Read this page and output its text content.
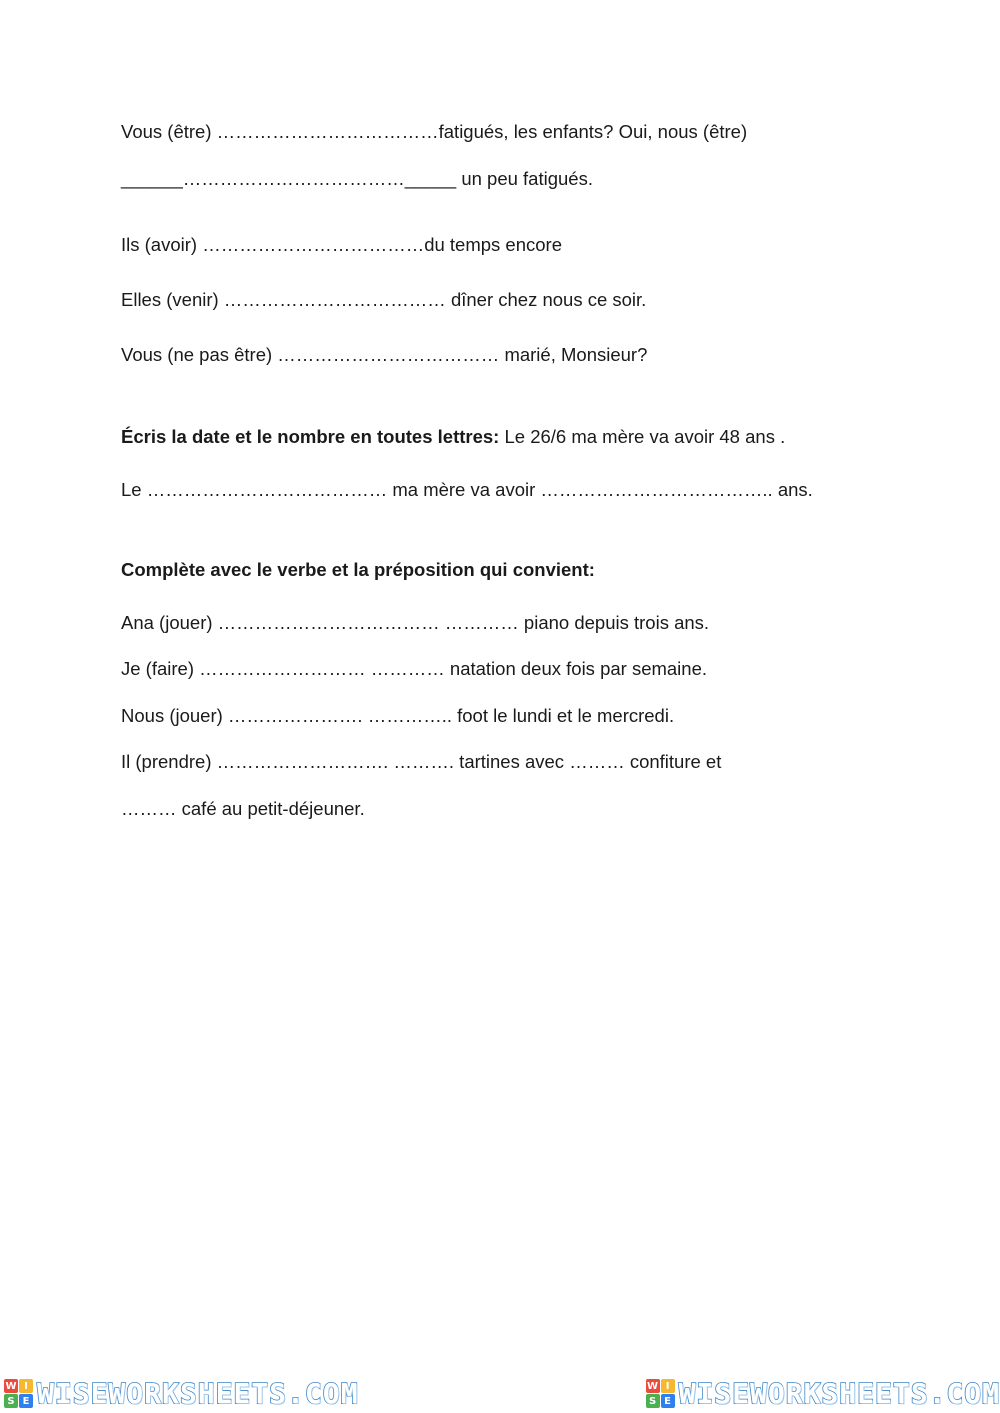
Vous (être) ………………………………fatigués, les enfants? Oui, nous (être)

______………………………………_____ un peu fatigués.

Ils (avoir) ………………………………du temps encore

Elles (venir) ……………………………… dîner chez nous ce soir.

Vous (ne pas être) ……………………………… marié, Monsieur?

Écris la date et le nombre en toutes lettres: Le 26/6 ma mère va avoir 48 ans .

Le ………………………………… ma mère va avoir ……………………………….. ans.

Complète avec le verbe et la préposition qui convient:

Ana (jouer) ……………………………… ………… piano depuis trois ans.

Je (faire) ……………………… ………… natation deux fois par semaine.

Nous (jouer) …………………. ………….. foot le lundi et le mercredi.

Il (prendre) ………………………. ………. tartines avec ……… confiture et

……… café au petit-déjeuner.

W I
S E WISEWORKSHEETS.COM	W I
S E WISEWORKSHEETS.COM
